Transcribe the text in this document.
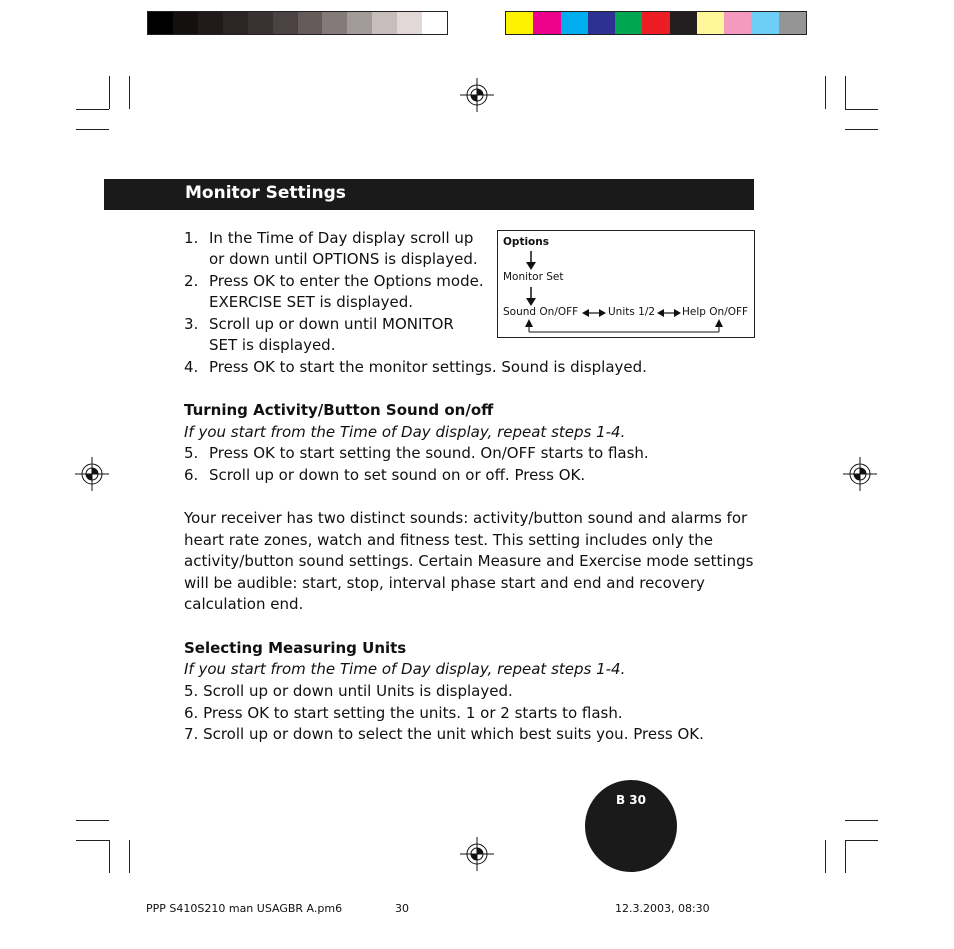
Monitor Settings
1. In the Time of Day display scroll up
or down until OPTIONS is displayed.
2. Press OK to enter the Options mode.
EXERCISE SET is displayed.
3. Scroll up or down until MONITOR
SET is displayed.
4. Press OK to start the monitor settings. Sound is displayed.
Options
Monitor Set
Sound On/OFF	Units 1/2	Help On/OFF
Turning Activity/Button Sound on/off
If you start from the Time of Day display, repeat steps 1-4.
5. Press OK to start setting the sound. On/OFF starts to flash.
6. Scroll up or down to set sound on or off. Press OK.
Your receiver has two distinct sounds: activity/button sound and alarms for
heart rate zones, watch and fitness test. This setting includes only the
activity/button sound settings. Certain Measure and Exercise mode settings
will be audible: start, stop, interval phase start and end and recovery
calculation end.
Selecting Measuring Units
If you start from the Time of Day display, repeat steps 1-4.
5. Scroll up or down until Units is displayed.
6. Press OK to start setting the units. 1 or 2 starts to flash.
7. Scroll up or down to select the unit which best suits you. Press OK.
B 30
PPP S410S210 man USAGBR A.pm6	30	12.3.2003, 08:30
